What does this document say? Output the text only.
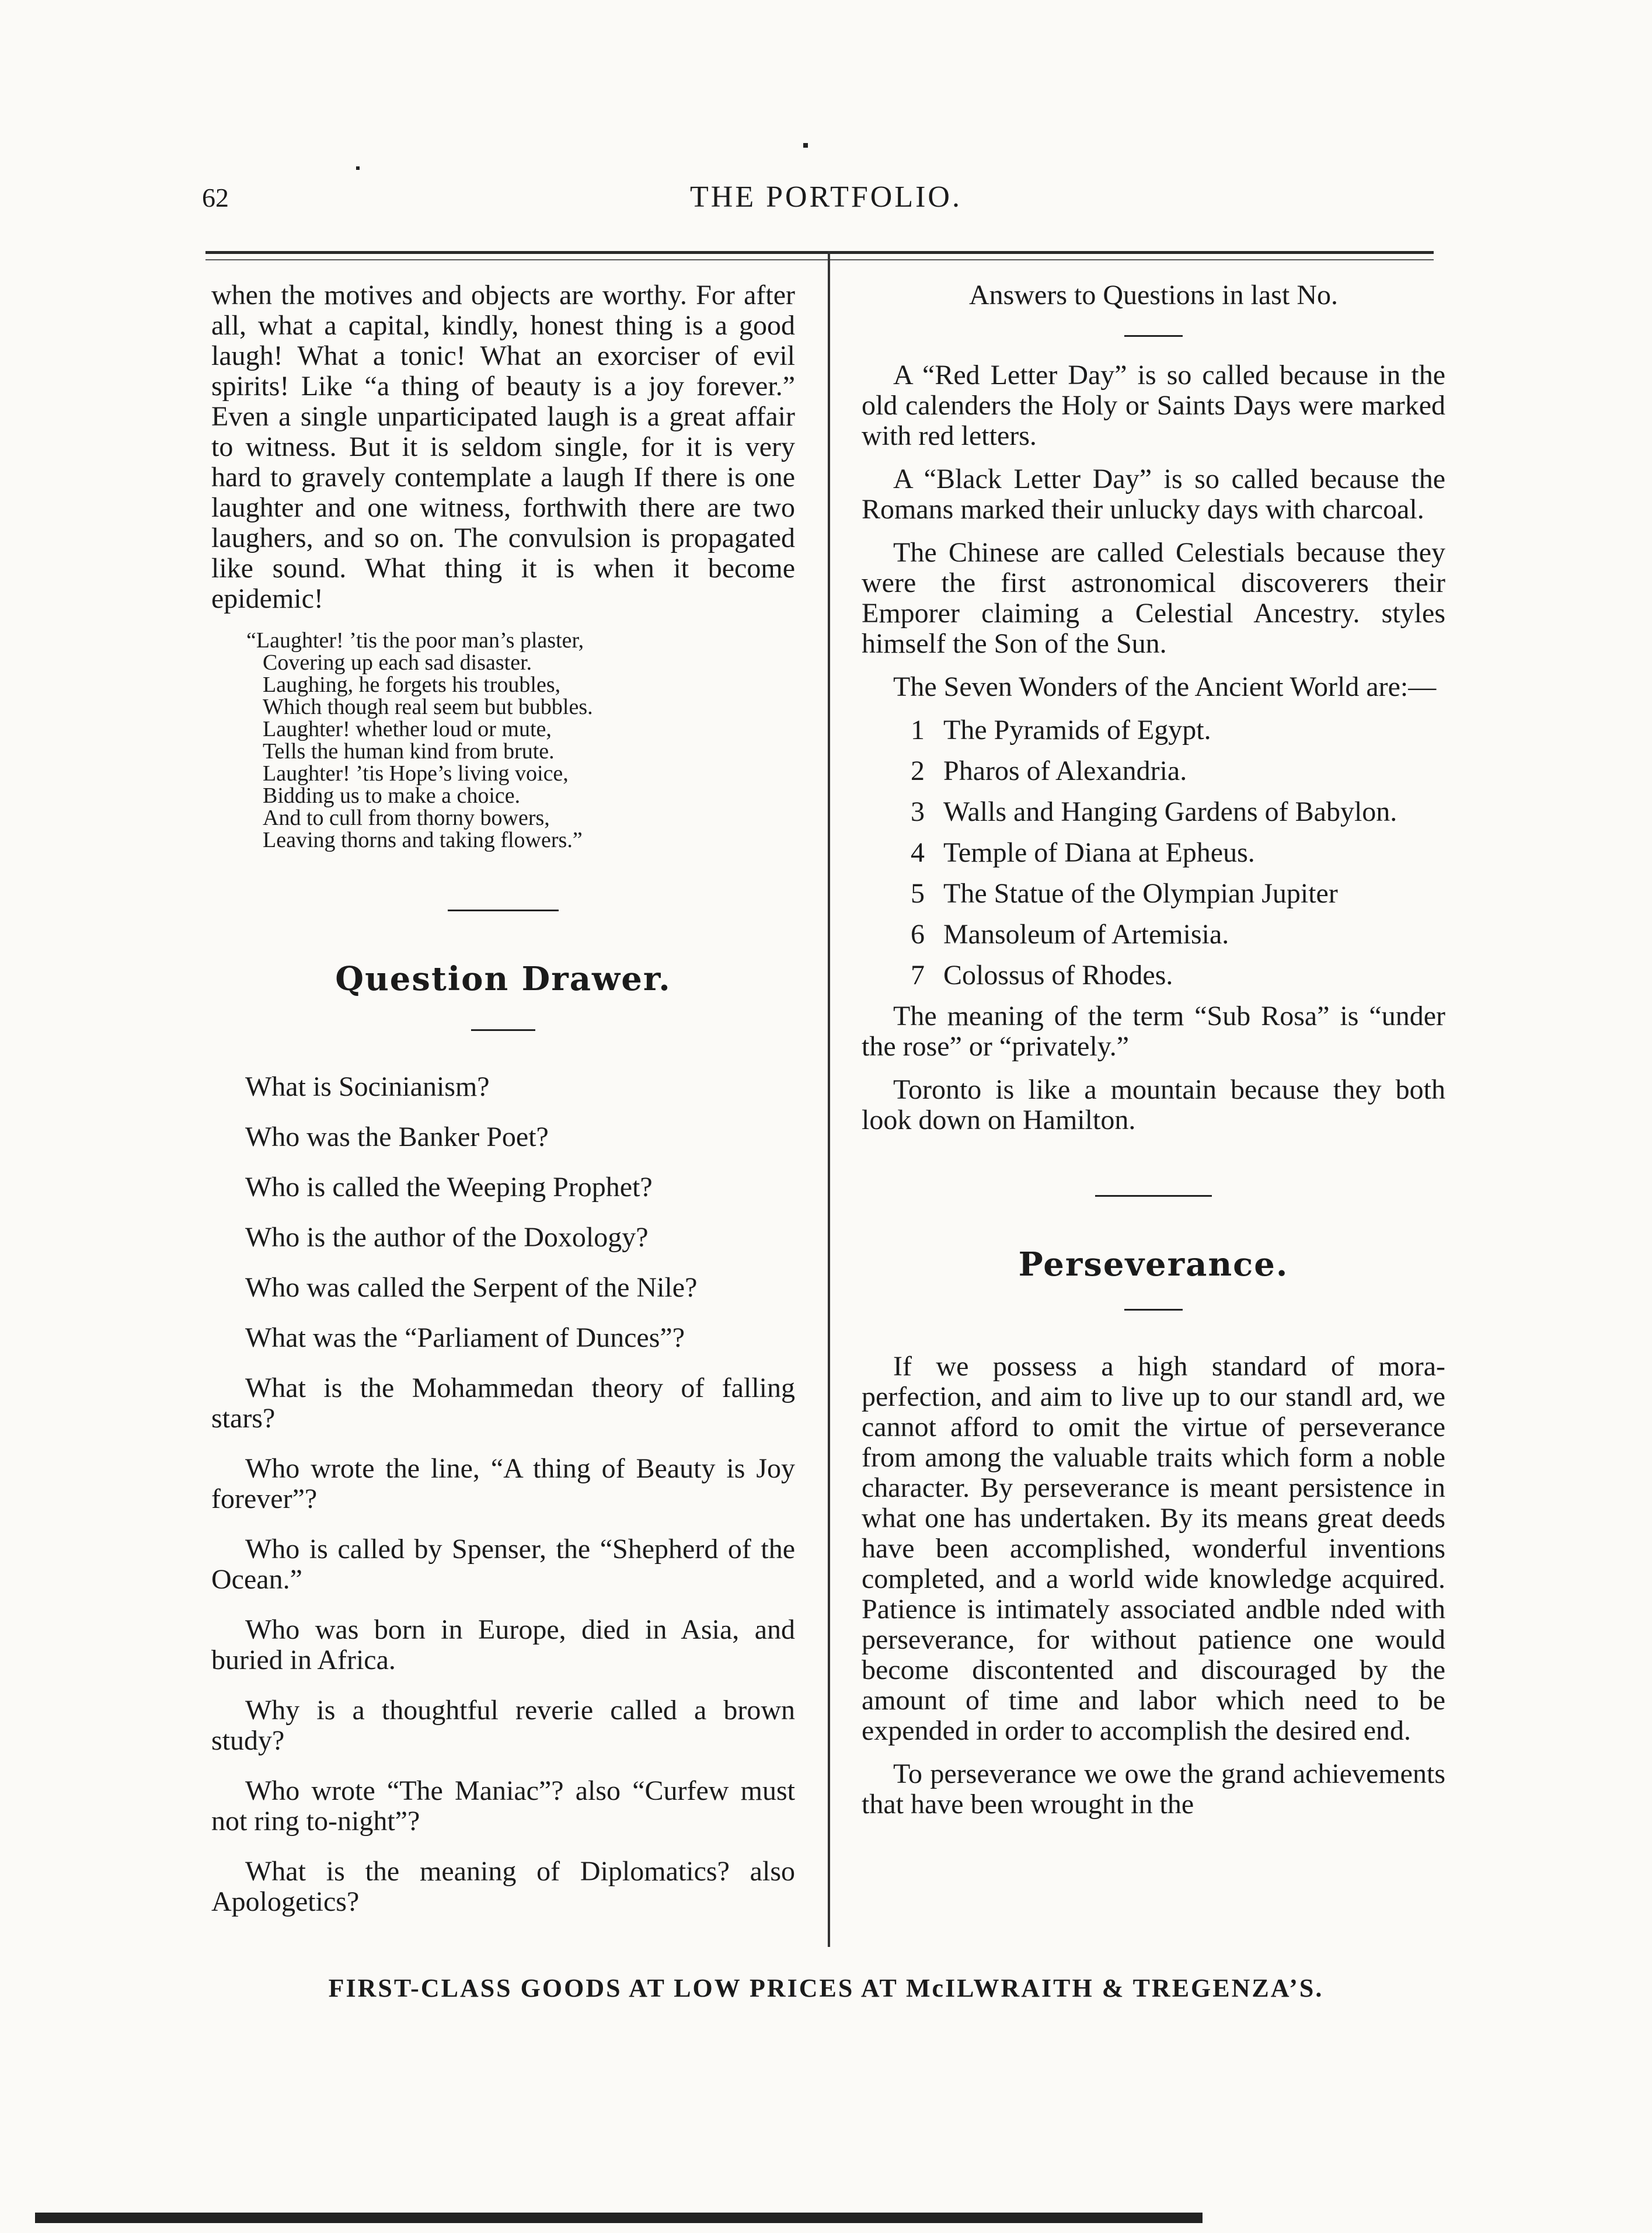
62	THE PORTFOLIO.

when the motives and objects are worthy. For after all, what a capital, kindly, honest thing is a good laugh! What a tonic! What an exorciser of evil spirits! Like “a thing of beauty is a joy forever.” Even a single unparticipated laugh is a great affair to witness. But it is seldom single, for it is very hard to gravely contemplate a laugh If there is one laughter and one witness, forthwith there are two laughers, and so on. The convulsion is propagated like sound. What thing it is when it become epidemic!

“Laughter! ’tis the poor man’s plaster,
Covering up each sad disaster.
Laughing, he forgets his troubles,
Which though real seem but bubbles.
Laughter! whether loud or mute,
Tells the human kind from brute.
Laughter! ’tis Hope’s living voice,
Bidding us to make a choice.
And to cull from thorny bowers,
Leaving thorns and taking flowers.”
Question Drawer.

What is Socinianism?

Who was the Banker Poet?

Who is called the Weeping Prophet?

Who is the author of the Doxology?

Who was called the Serpent of the Nile?

What was the “Parliament of Dunces”?

What is the Mohammedan theory of falling stars?

Who wrote the line, “A thing of Beauty is Joy forever”?

Who is called by Spenser, the “Shepherd of the Ocean.”

Who was born in Europe, died in Asia, and buried in Africa.

Why is a thoughtful reverie called a brown study?

Who wrote “The Maniac”? also “Curfew must not ring to-night”?

What is the meaning of Diplomatics? also Apologetics?

Answers to Questions in last No.

A “Red Letter Day” is so called because in the old calenders the Holy or Saints Days were marked with red letters.

A “Black Letter Day” is so called because the Romans marked their unlucky days with charcoal.

The Chinese are called Celestials because they were the first astronomical discoverers their Emporer claiming a Celestial Ancestry. styles himself the Son of the Sun.

The Seven Wonders of the Ancient World are:—

1 The Pyramids of Egypt.

2 Pharos of Alexandria.

3 Walls and Hanging Gardens of Babylon.

4 Temple of Diana at Epheus.

5 The Statue of the Olympian Jupiter

6 Mansoleum of Artemisia.

7 Colossus of Rhodes.

The meaning of the term “Sub Rosa” is “under the rose” or “privately.”

Toronto is like a mountain because they both look down on Hamilton.

Perseverance.

If we possess a high standard of mora-perfection, and aim to live up to our standl ard, we cannot afford to omit the virtue of perseverance from among the valuable traits which form a noble character. By perseverance is meant persistence in what one has undertaken. By its means great deeds have been accomplished, wonderful inventions completed, and a world wide knowledge acquired. Patience is intimately associated andble nded with perseverance, for without patience one would become discontented and discouraged by the amount of time and labor which need to be expended in order to accomplish the desired end.

To perseverance we owe the grand achievements that have been wrought in the

FIRST-CLASS GOODS AT LOW PRICES AT McILWRAITH & TREGENZA’S.
